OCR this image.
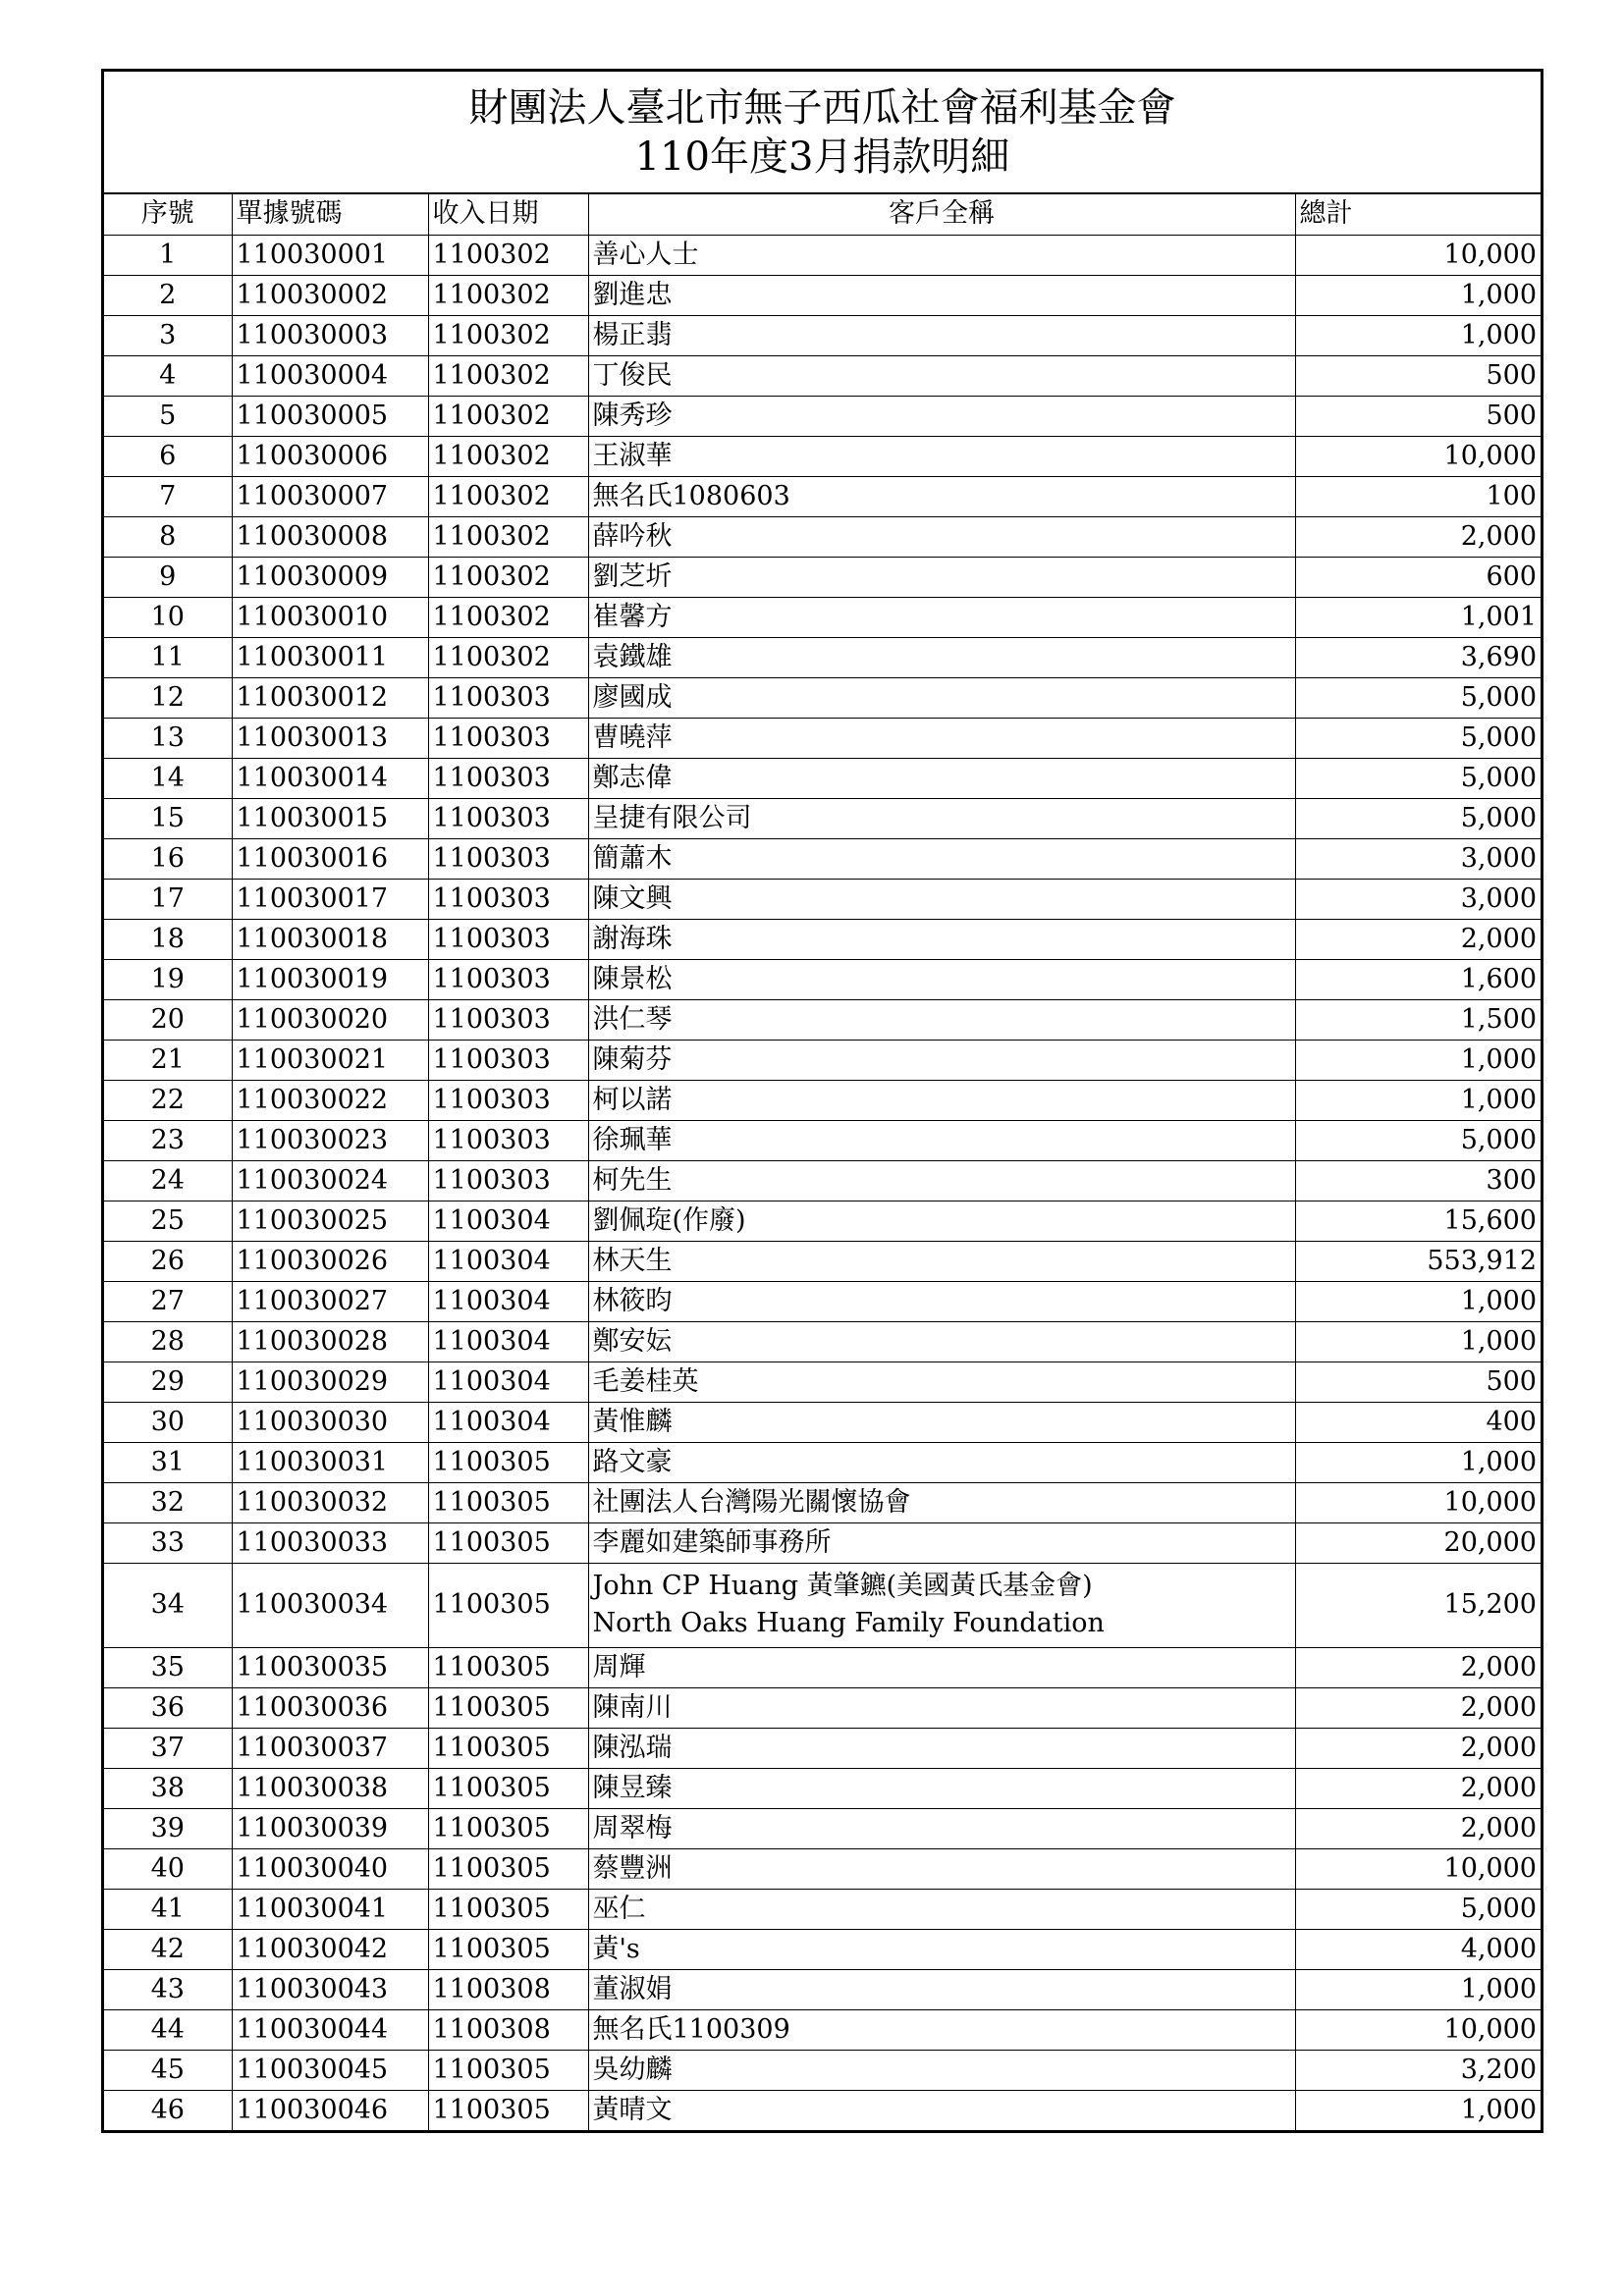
財團法人臺北市無子西瓜社會福利基金會
110年度3月捐款明細
序號	單據號碼	收入日期	客戶全稱	總計
1	110030001	1100302	善心人士	10,000
2	110030002	1100302	劉進忠	1,000
3	110030003	1100302	楊正翡	1,000
4	110030004	1100302	丁俊民	500
5	110030005	1100302	陳秀珍	500
6	110030006	1100302	王淑華	10,000
7	110030007	1100302	無名氏1080603	100
8	110030008	1100302	薛吟秋	2,000
9	110030009	1100302	劉芝圻	600
10	110030010	1100302	崔馨方	1,001
11	110030011	1100302	袁鐵雄	3,690
12	110030012	1100303	廖國成	5,000
13	110030013	1100303	曹曉萍	5,000
14	110030014	1100303	鄭志偉	5,000
15	110030015	1100303	呈捷有限公司	5,000
16	110030016	1100303	簡蕭木	3,000
17	110030017	1100303	陳文興	3,000
18	110030018	1100303	謝海珠	2,000
19	110030019	1100303	陳景松	1,600
20	110030020	1100303	洪仁琴	1,500
21	110030021	1100303	陳菊芬	1,000
22	110030022	1100303	柯以諾	1,000
23	110030023	1100303	徐珮華	5,000
24	110030024	1100303	柯先生	300
25	110030025	1100304	劉佩琁(作廢)	15,600
26	110030026	1100304	林天生	553,912
27	110030027	1100304	林筱昀	1,000
28	110030028	1100304	鄭安妘	1,000
29	110030029	1100304	毛姜桂英	500
30	110030030	1100304	黃惟麟	400
31	110030031	1100305	路文豪	1,000
32	110030032	1100305	社團法人台灣陽光關懷協會	10,000
33	110030033	1100305	李麗如建築師事務所	20,000
34	110030034	1100305	John CP Huang 黃肇鑣(美國黃氏基金會)
North Oaks Huang Family Foundation	15,200
35	110030035	1100305	周輝	2,000
36	110030036	1100305	陳南川	2,000
37	110030037	1100305	陳泓瑞	2,000
38	110030038	1100305	陳昱臻	2,000
39	110030039	1100305	周翠梅	2,000
40	110030040	1100305	蔡豐洲	10,000
41	110030041	1100305	巫仁	5,000
42	110030042	1100305	黃's	4,000
43	110030043	1100308	董淑娟	1,000
44	110030044	1100308	無名氏1100309	10,000
45	110030045	1100305	吳幼麟	3,200
46	110030046	1100305	黃晴文	1,000
